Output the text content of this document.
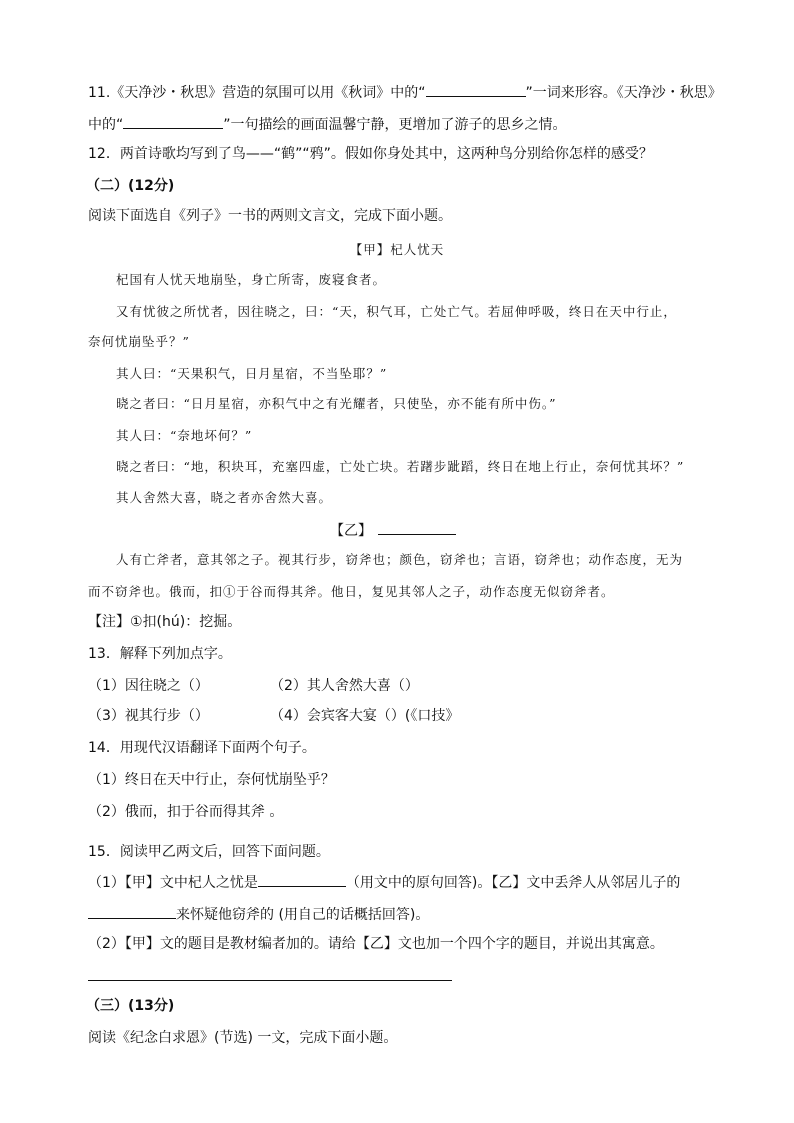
11.《天净沙・秋思》营造的氛围可以用《秋词》中的“	”一词来形容。《天净沙・秋思》
中的“	”一句描绘的画面温馨宁静，更增加了游子的思乡之情。
12．两首诗歌均写到了鸟——“鹤”“鸦”。假如你身处其中，这两种鸟分别给你怎样的感受？
（二）(12分)
阅读下面选自《列子》一书的两则文言文，完成下面小题。
【甲】杞人忧天
杞国有人忧天地崩坠，身亡所寄，废寝食者。
又有忧彼之所忧者，因往晓之，曰：“天，积气耳，亡处亡气。若屈伸呼吸，终日在天中行止，
奈何忧崩坠乎？”
其人曰：“天果积气，日月星宿，不当坠耶？”
晓之者曰：“日月星宿，亦积气中之有光耀者，只使坠，亦不能有所中伤。”
其人曰：“奈地坏何？”
晓之者曰：“地，积块耳，充塞四虚，亡处亡块。若躇步跐蹈，终日在地上行止，奈何忧其坏？”
其人舍然大喜，晓之者亦舍然大喜。
【乙】
人有亡斧者，意其邻之子。视其行步，窃斧也；颜色，窃斧也；言语，窃斧也；动作态度，无为
而不窃斧也。俄而，扣①于谷而得其斧。他日，复见其邻人之子，动作态度无似窃斧者。
【注】①扣(hú)：挖掘。
13．解释下列加点字。
（1）因往晓之（）	（2）其人舍然大喜（）
（3）视其行步（）	（4）会宾客大宴（）(《口技》
14．用现代汉语翻译下面两个句子。
（1）终日在天中行止，奈何忧崩坠乎？
（2）俄而，扣于谷而得其斧 。
15．阅读甲乙两文后，回答下面问题。
（1）【甲】文中杞人之忧是	（用文中的原句回答)。【乙】文中丢斧人从邻居儿子的
来怀疑他窃斧的 (用自己的话概括回答)。
（2）【甲】文的题目是教材编者加的。请给【乙】文也加一个四个字的题目，并说出其寓意。
（三）(13分)
阅读《纪念白求恩》(节选) 一文，完成下面小题。
